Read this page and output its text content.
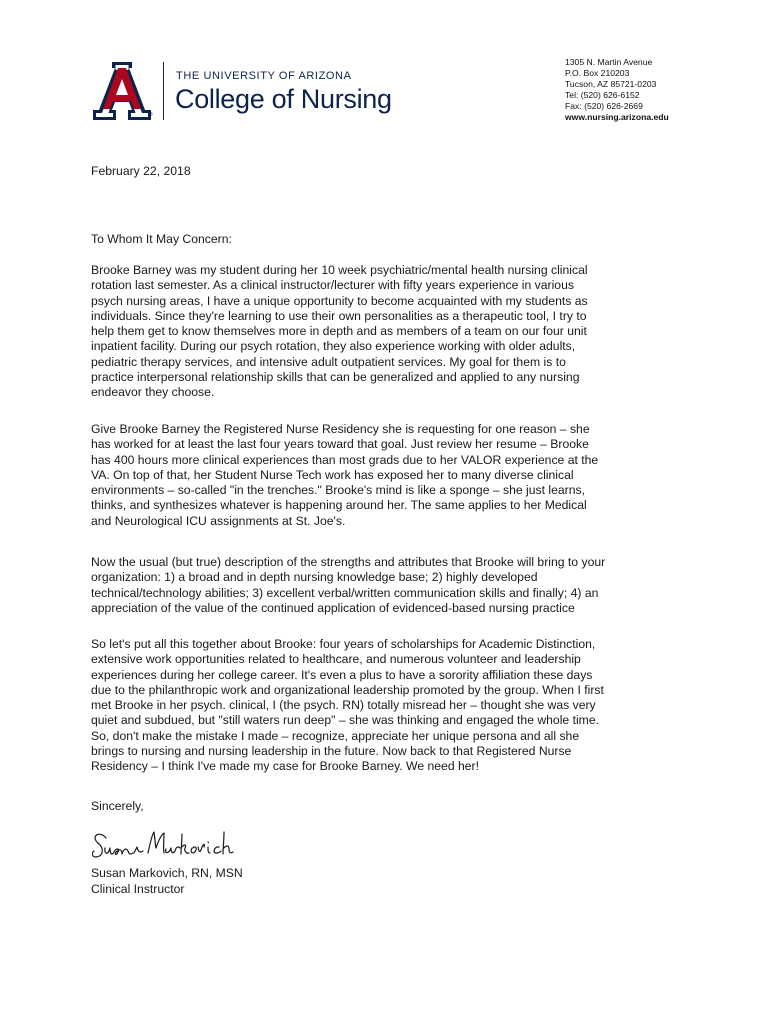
®
THE UNIVERSITY OF ARIZONA
College of Nursing
1305 N. Martin Avenue
P.O. Box 210203
Tucson, AZ 85721-0203
Tel: (520) 626-6152
Fax: (520) 626-2669
www.nursing.arizona.edu
February 22, 2018
To Whom It May Concern:
Brooke Barney was my student during her 10 week psychiatric/mental health nursing clinical
rotation last semester. As a clinical instructor/lecturer with fifty years experience in various
psych nursing areas, I have a unique opportunity to become acquainted with my students as
individuals. Since they're learning to use their own personalities as a therapeutic tool, I try to
help them get to know themselves more in depth and as members of a team on our four unit
inpatient facility. During our psych rotation, they also experience working with older adults,
pediatric therapy services, and intensive adult outpatient services. My goal for them is to
practice interpersonal relationship skills that can be generalized and applied to any nursing
endeavor they choose.
Give Brooke Barney the Registered Nurse Residency she is requesting for one reason – she
has worked for at least the last four years toward that goal. Just review her resume – Brooke
has 400 hours more clinical experiences than most grads due to her VALOR experience at the
VA. On top of that, her Student Nurse Tech work has exposed her to many diverse clinical
environments – so-called "in the trenches." Brooke's mind is like a sponge – she just learns,
thinks, and synthesizes whatever is happening around her. The same applies to her Medical
and Neurological ICU assignments at St. Joe's.
Now the usual (but true) description of the strengths and attributes that Brooke will bring to your
organization: 1) a broad and in depth nursing knowledge base; 2) highly developed
technical/technology abilities; 3) excellent verbal/written communication skills and finally; 4) an
appreciation of the value of the continued application of evidenced-based nursing practice
So let's put all this together about Brooke: four years of scholarships for Academic Distinction,
extensive work opportunities related to healthcare, and numerous volunteer and leadership
experiences during her college career. It's even a plus to have a sorority affiliation these days
due to the philanthropic work and organizational leadership promoted by the group. When I first
met Brooke in her psych. clinical, I (the psych. RN) totally misread her – thought she was very
quiet and subdued, but "still waters run deep" – she was thinking and engaged the whole time.
So, don't make the mistake I made – recognize, appreciate her unique persona and all she
brings to nursing and nursing leadership in the future. Now back to that Registered Nurse
Residency – I think I've made my case for Brooke Barney. We need her!
Sincerely,
Susan Markovich, RN, MSN
Clinical Instructor
